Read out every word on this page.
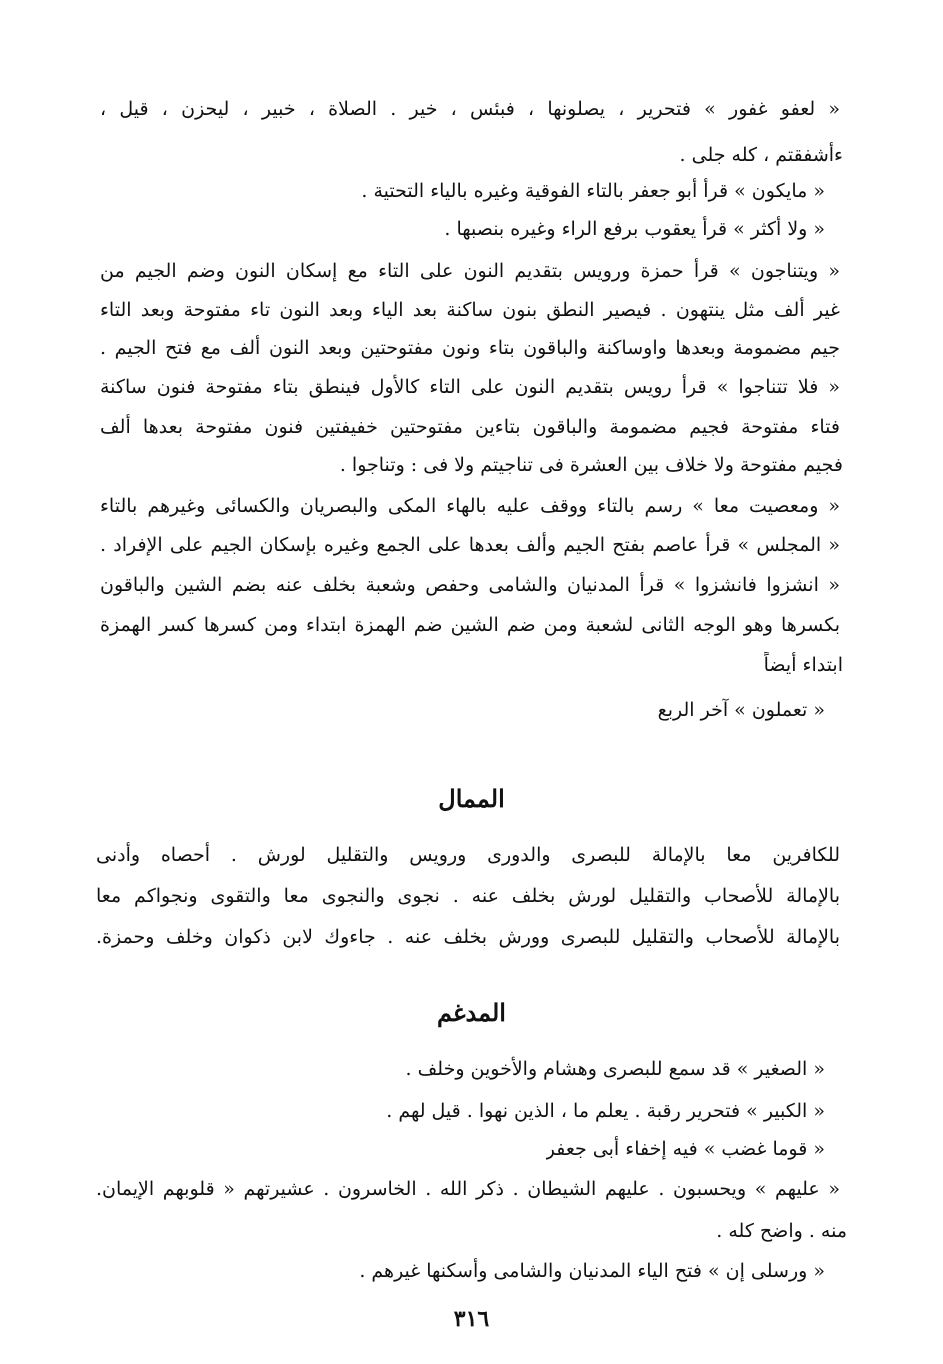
« لعفو غفور » فتحرير ، يصلونها ، فبئس ، خير . الصلاة ، خبير ، ليحزن ، قيل ،
ءأشفقتم ، كله جلى .
« مايكون » قرأ أبو جعفر بالتاء الفوقية وغيره بالياء التحتية .
« ولا أكثر » قرأ يعقوب برفع الراء وغيره بنصبها .
« ويتناجون » قرأ حمزة ورويس بتقديم النون على التاء مع إسكان النون وضم الجيم من
غير ألف مثل ينتهون . فيصير النطق بنون ساكنة بعد الياء وبعد النون تاء مفتوحة وبعد التاء
جيم مضمومة وبعدها واوساكنة والباقون بتاء ونون مفتوحتين وبعد النون ألف مع فتح الجيم .
« فلا تتناجوا » قرأ رويس بتقديم النون على التاء كالأول فينطق بتاء مفتوحة فنون ساكنة
فتاء مفتوحة فجيم مضمومة والباقون بتاءين مفتوحتين خفيفتين فنون مفتوحة بعدها ألف
فجيم مفتوحة ولا خلاف بين العشرة فى تناجيتم ولا فى : وتناجوا .
« ومعصيت معا » رسم بالتاء ووقف عليه بالهاء المكى والبصريان والكسائى وغيرهم بالتاء
« المجلس » قرأ عاصم بفتح الجيم وألف بعدها على الجمع وغيره بإسكان الجيم على الإفراد .
« انشزوا فانشزوا » قرأ المدنيان والشامى وحفص وشعبة بخلف عنه بضم الشين والباقون
بكسرها وهو الوجه الثانى لشعبة ومن ضم الشين ضم الهمزة ابتداء ومن كسرها كسر الهمزة
ابتداء أيضاً
« تعملون » آخر الربع
الممال
للكافرين معا بالإمالة للبصرى والدورى ورويس والتقليل لورش . أحصاه وأدنى
بالإمالة للأصحاب والتقليل لورش بخلف عنه . نجوى والنجوى معا والتقوى ونجواكم معا
بالإمالة للأصحاب والتقليل للبصرى وورش بخلف عنه . جاءوك لابن ذكوان وخلف وحمزة.
المدغم
« الصغير » قد سمع للبصرى وهشام والأخوين وخلف .
« الكبير » فتحرير رقبة . يعلم ما ، الذين نهوا . قيل لهم .
« قوما غضب » فيه إخفاء أبى جعفر
« عليهم » ويحسبون . عليهم الشيطان . ذكر الله . الخاسرون . عشيرتهم « قلوبهم الإيمان.
منه . واضح كله .
« ورسلى إن » فتح الياء المدنيان والشامى وأسكنها غيرهم .
٣١٦
